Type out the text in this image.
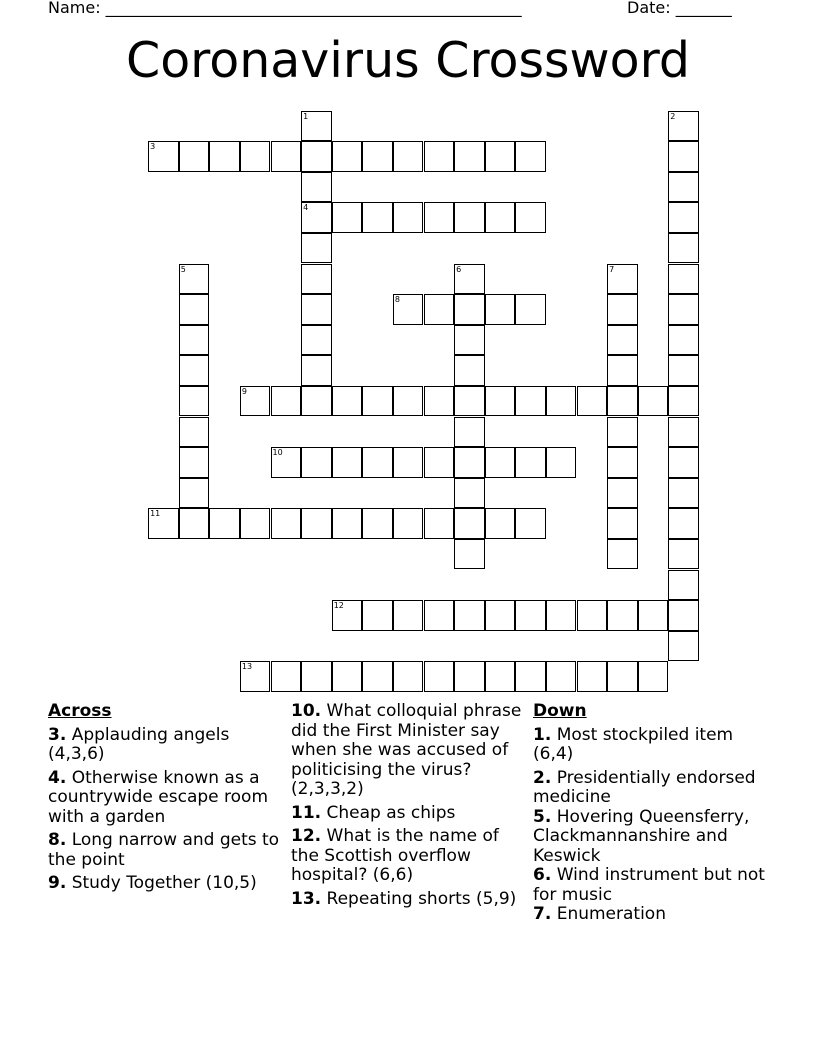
Name: ____________________________________________________	Date: _______
Coronavirus Crossword
3
4
8
9
10
11
12
13
1	2
5	6	7
Across
3. Applauding angels (4,3,6)
4. Otherwise known as a countrywide escape room with a garden
8. Long narrow and gets to the point
9. Study Together (10,5)
10. What colloquial phrase did the First Minister say when she was accused of politicising the virus? (2,3,3,2)
11. Cheap as chips
12. What is the name of the Scottish overflow hospital? (6,6)
13. Repeating shorts (5,9)
Down
1. Most stockpiled item (6,4)
2. Presidentially endorsed medicine
5. Hovering Queensferry, Clackmannanshire and Keswick
6. Wind instrument but not for music
7. Enumeration
